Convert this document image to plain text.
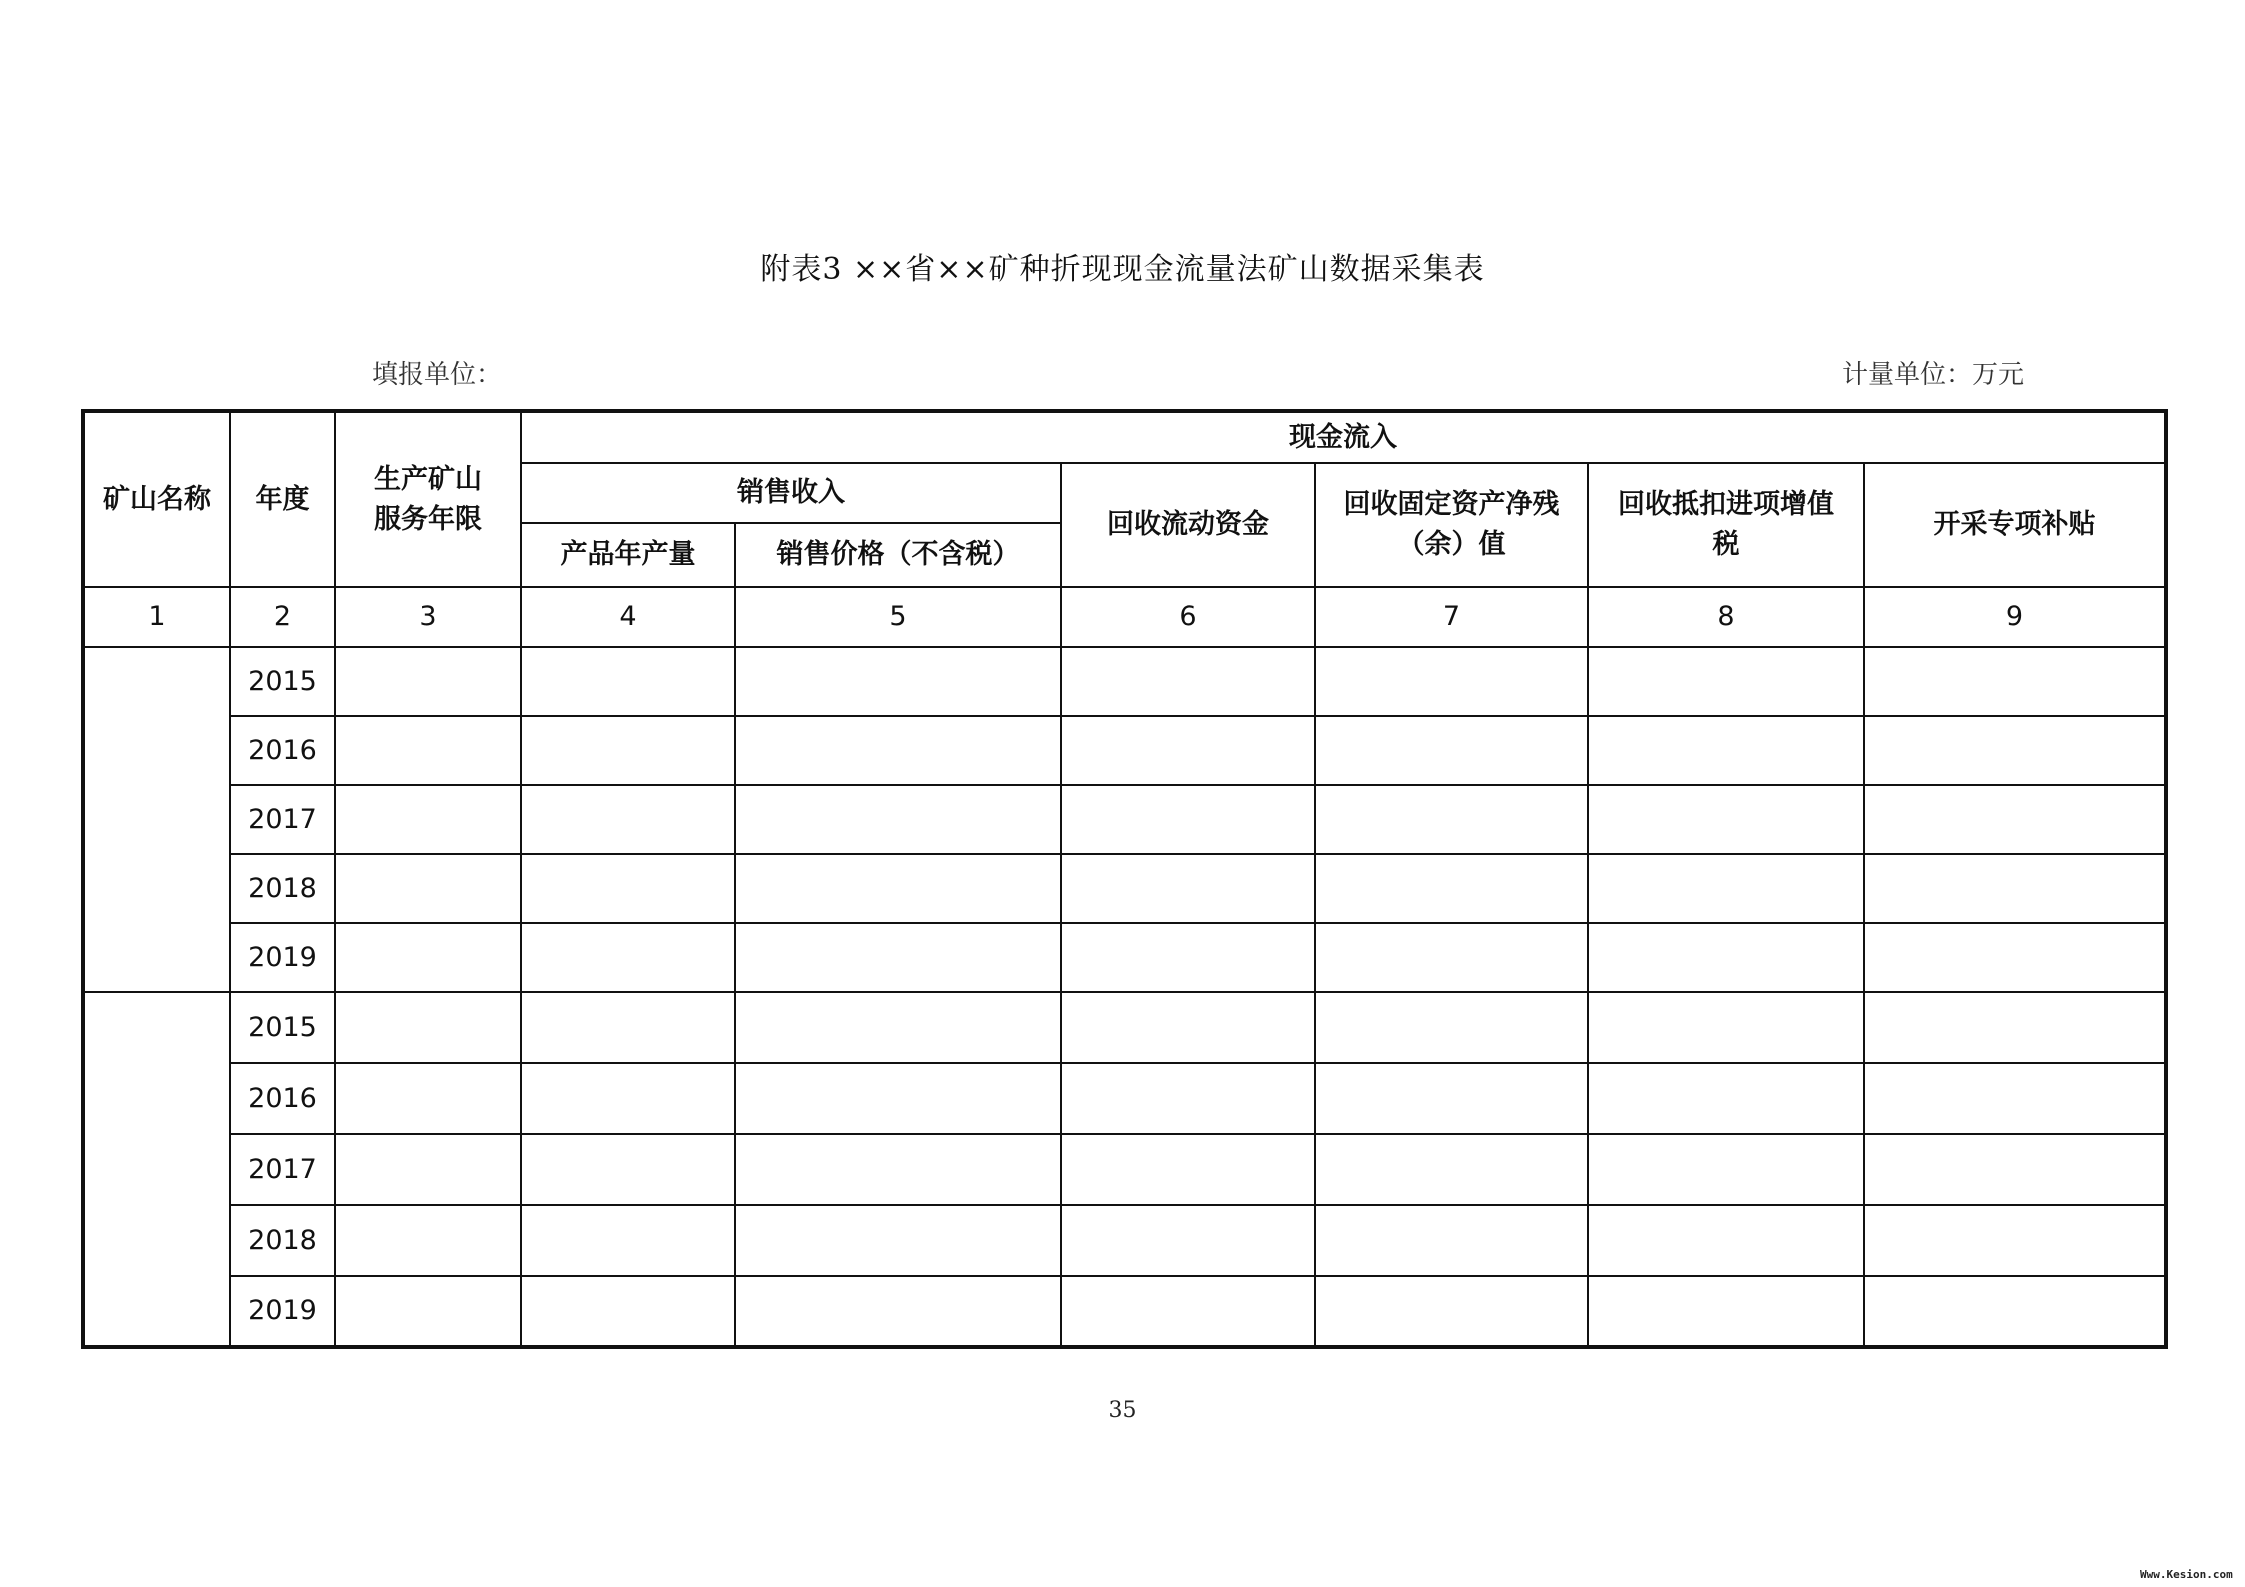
附表3 ××省××矿种折现现金流量法矿山数据采集表
填报单位：	计量单位：万元
矿山名称	年度	生产矿山服务年限	现金流入					
			销售收入		回收流动资金	回收固定资产净残（余）值	回收抵扣进项增值税	开采专项补贴
			产品年产量	销售价格（不含税）				
1	2	3	4	5	6	7	8	9
	2015							
	2016							
	2017							
	2018							
	2019							
	2015							
	2016							
	2017							
	2018							
	2019							
35
Www.Kesion.com
